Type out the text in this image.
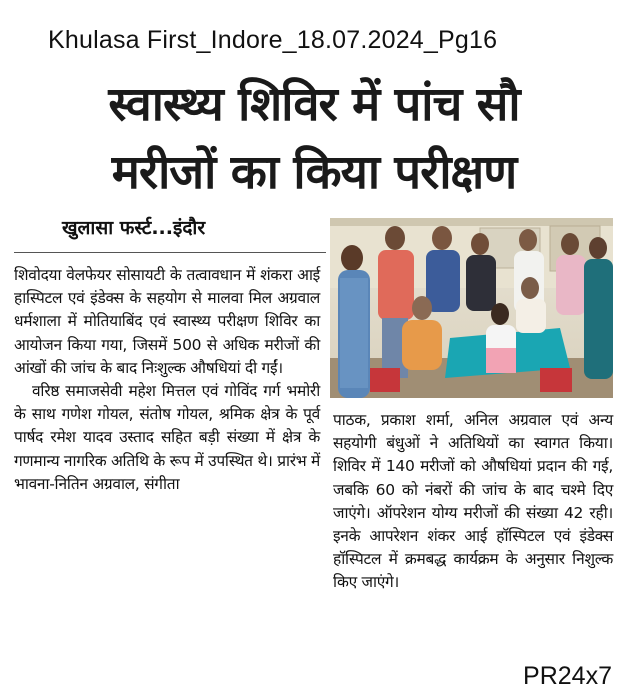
Khulasa First_Indore_18.07.2024_Pg16
स्वास्थ्य शिविर में पांच सौ
मरीजों का किया परीक्षण
खुलासा फर्स्ट...इंदौर

शिवोदया वेलफेयर सोसायटी के तत्वावधान में शंकरा आई हास्पिटल एवं इंडेक्स के सहयोग से मालवा मिल अग्रवाल धर्मशाला में मोतियाबिंद एवं स्वास्थ्य परीक्षण शिविर का आयोजन किया गया, जिसमें 500 से अधिक मरीजों की आंखों की जांच के बाद निःशुल्क औषधियां दी गईं।

वरिष्ठ समाजसेवी महेश मित्तल एवं गोविंद गर्ग भमोरी के साथ गणेश गोयल, संतोष गोयल, श्रमिक क्षेत्र के पूर्व पार्षद रमेश यादव उस्ताद सहित बड़ी संख्या में क्षेत्र के गणमान्य नागरिक अतिथि के रूप में उपस्थित थे। प्रारंभ में भावना-नितिन अग्रवाल, संगीता

पाठक, प्रकाश शर्मा, अनिल अग्रवाल एवं अन्य सहयोगी बंधुओं ने अतिथियों का स्वागत किया। शिविर में 140 मरीजों को औषधियां प्रदान की गई, जबकि 60 को नंबरों की जांच के बाद चश्मे दिए जाएंगे। ऑपरेशन योग्य मरीजों की संख्या 42 रही। इनके आपरेशन शंकर आई हॉस्पिटल एवं इंडेक्स हॉस्पिटल में क्रमबद्ध कार्यक्रम के अनुसार निशुल्क किए जाएंगे।
PR24x7
